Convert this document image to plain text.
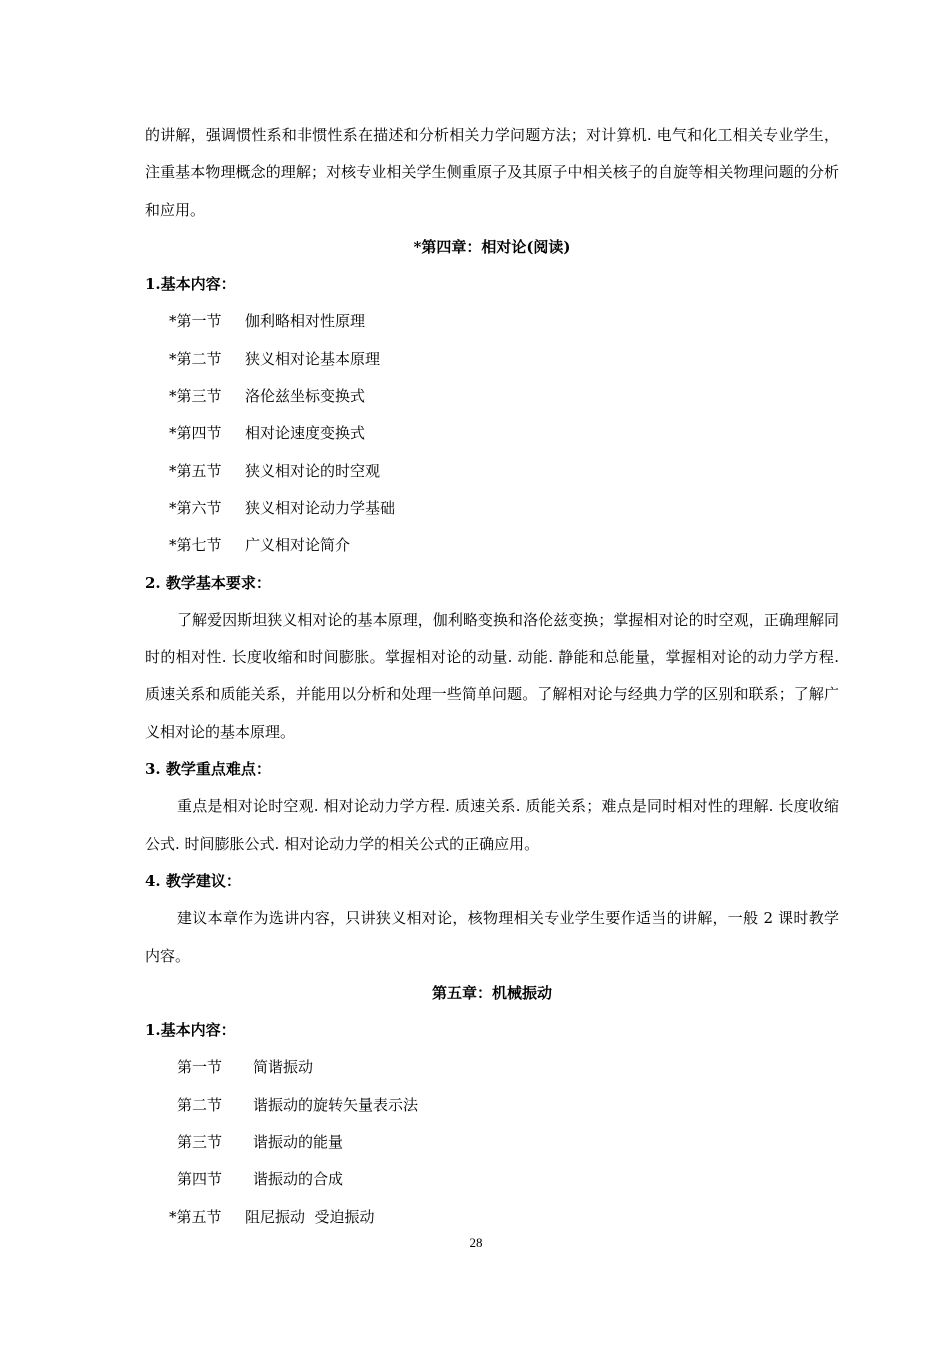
的讲解，强调惯性系和非惯性系在描述和分析相关力学问题方法；对计算机. 电气和化工相关专业学生，注重基本物理概念的理解；对核专业相关学生侧重原子及其原子中相关核子的自旋等相关物理问题的分析和应用。

*第四章：相对论(阅读)

1.基本内容：

*第一节	伽利略相对性原理

*第二节	狭义相对论基本原理

*第三节	洛伦兹坐标变换式

*第四节	相对论速度变换式

*第五节	狭义相对论的时空观

*第六节	狭义相对论动力学基础

*第七节	广义相对论简介

2. 教学基本要求：

了解爱因斯坦狭义相对论的基本原理，伽利略变换和洛伦兹变换；掌握相对论的时空观，正确理解同时的相对性. 长度收缩和时间膨胀。掌握相对论的动量. 动能. 静能和总能量，掌握相对论的动力学方程. 质速关系和质能关系，并能用以分析和处理一些简单问题。了解相对论与经典力学的区别和联系；了解广义相对论的基本原理。

3. 教学重点难点：

重点是相对论时空观. 相对论动力学方程. 质速关系. 质能关系；难点是同时相对性的理解. 长度收缩公式. 时间膨胀公式. 相对论动力学的相关公式的正确应用。

4. 教学建议：

建议本章作为选讲内容，只讲狭义相对论，核物理相关专业学生要作适当的讲解，一般 2 课时教学内容。

第五章：机械振动

1.基本内容：

第一节	简谐振动

第二节	谐振动的旋转矢量表示法

第三节	谐振动的能量

第四节	谐振动的合成

*第五节	阻尼振动  受迫振动

28
